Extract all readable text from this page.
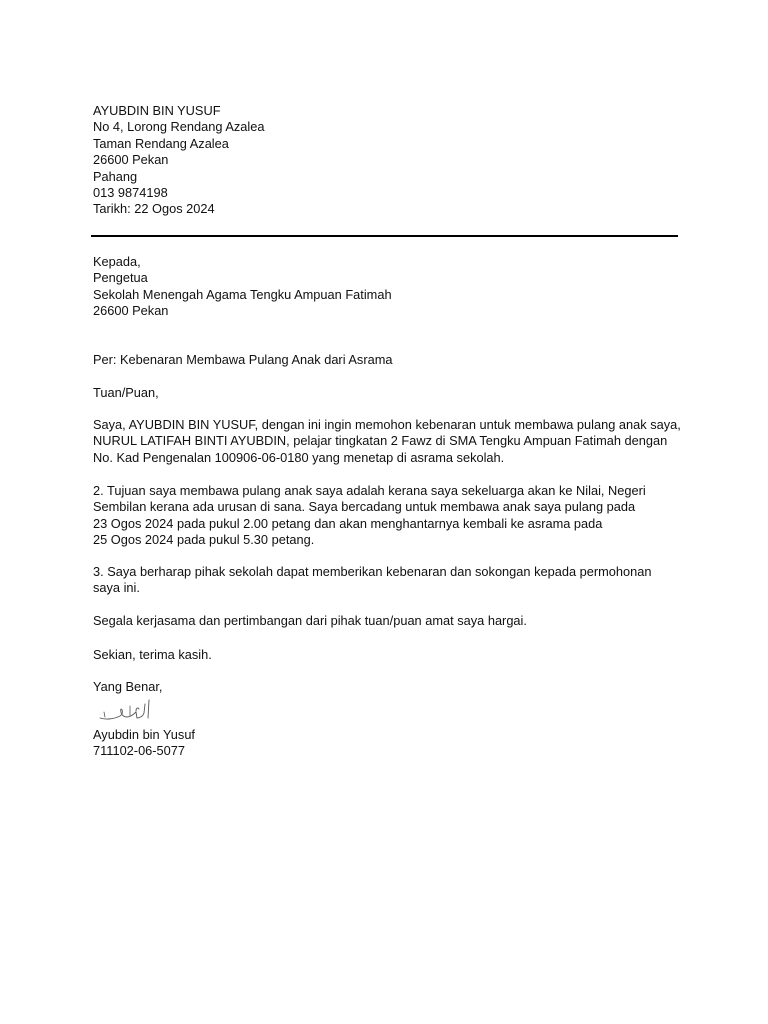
AYUBDIN BIN YUSUF
No 4, Lorong Rendang Azalea
Taman Rendang Azalea
26600 Pekan
Pahang
013 9874198
Tarikh: 22 Ogos 2024
Kepada,
Pengetua
Sekolah Menengah Agama Tengku Ampuan Fatimah
26600 Pekan
Per: Kebenaran Membawa Pulang Anak dari Asrama
Tuan/Puan,
Saya, AYUBDIN BIN YUSUF, dengan ini ingin memohon kebenaran untuk membawa pulang anak saya,
NURUL LATIFAH BINTI AYUBDIN, pelajar tingkatan 2 Fawz di SMA Tengku Ampuan Fatimah dengan
No. Kad Pengenalan 100906-06-0180 yang menetap di asrama sekolah.
2. Tujuan saya membawa pulang anak saya adalah kerana saya sekeluarga akan ke Nilai, Negeri
Sembilan kerana ada urusan di sana. Saya bercadang untuk membawa anak saya pulang pada
23 Ogos 2024 pada pukul 2.00 petang dan akan menghantarnya kembali ke asrama pada
25 Ogos 2024 pada pukul 5.30 petang.
3. Saya berharap pihak sekolah dapat memberikan kebenaran dan sokongan kepada permohonan
saya ini.
Segala kerjasama dan pertimbangan dari pihak tuan/puan amat saya hargai.
Sekian, terima kasih.
Yang Benar,
Ayubdin bin Yusuf
711102-06-5077
